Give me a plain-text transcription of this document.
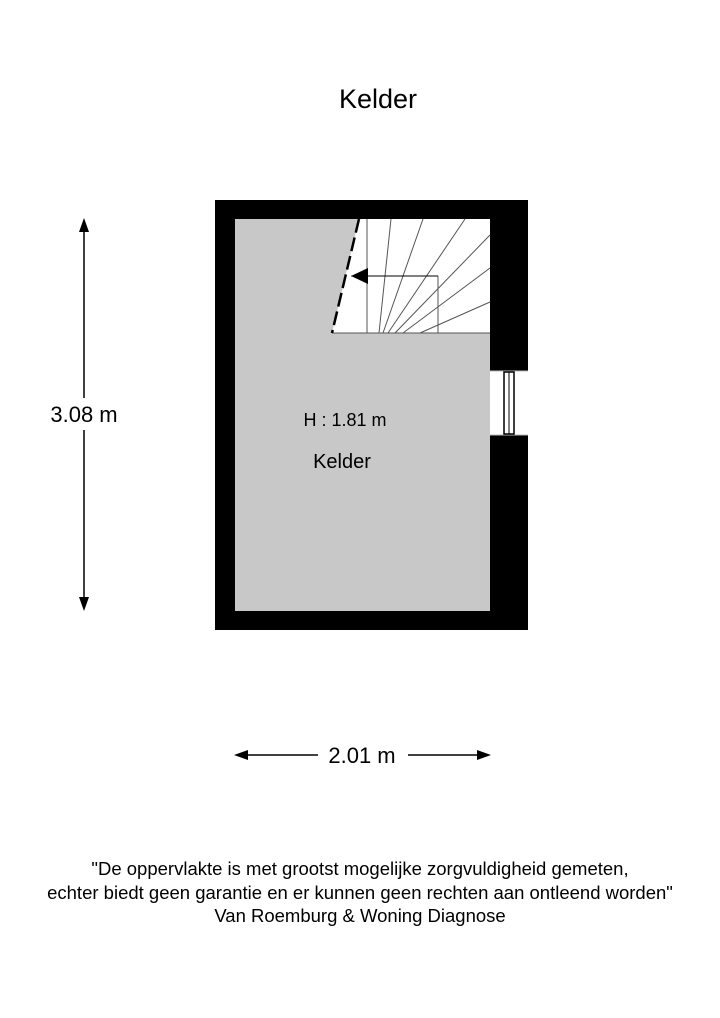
Kelder
H : 1.81 m
Kelder
3.08 m
2.01 m
"De oppervlakte is met grootst mogelijke zorgvuldigheid gemeten,
echter biedt geen garantie en er kunnen geen rechten aan ontleend worden"
Van Roemburg & Woning Diagnose
